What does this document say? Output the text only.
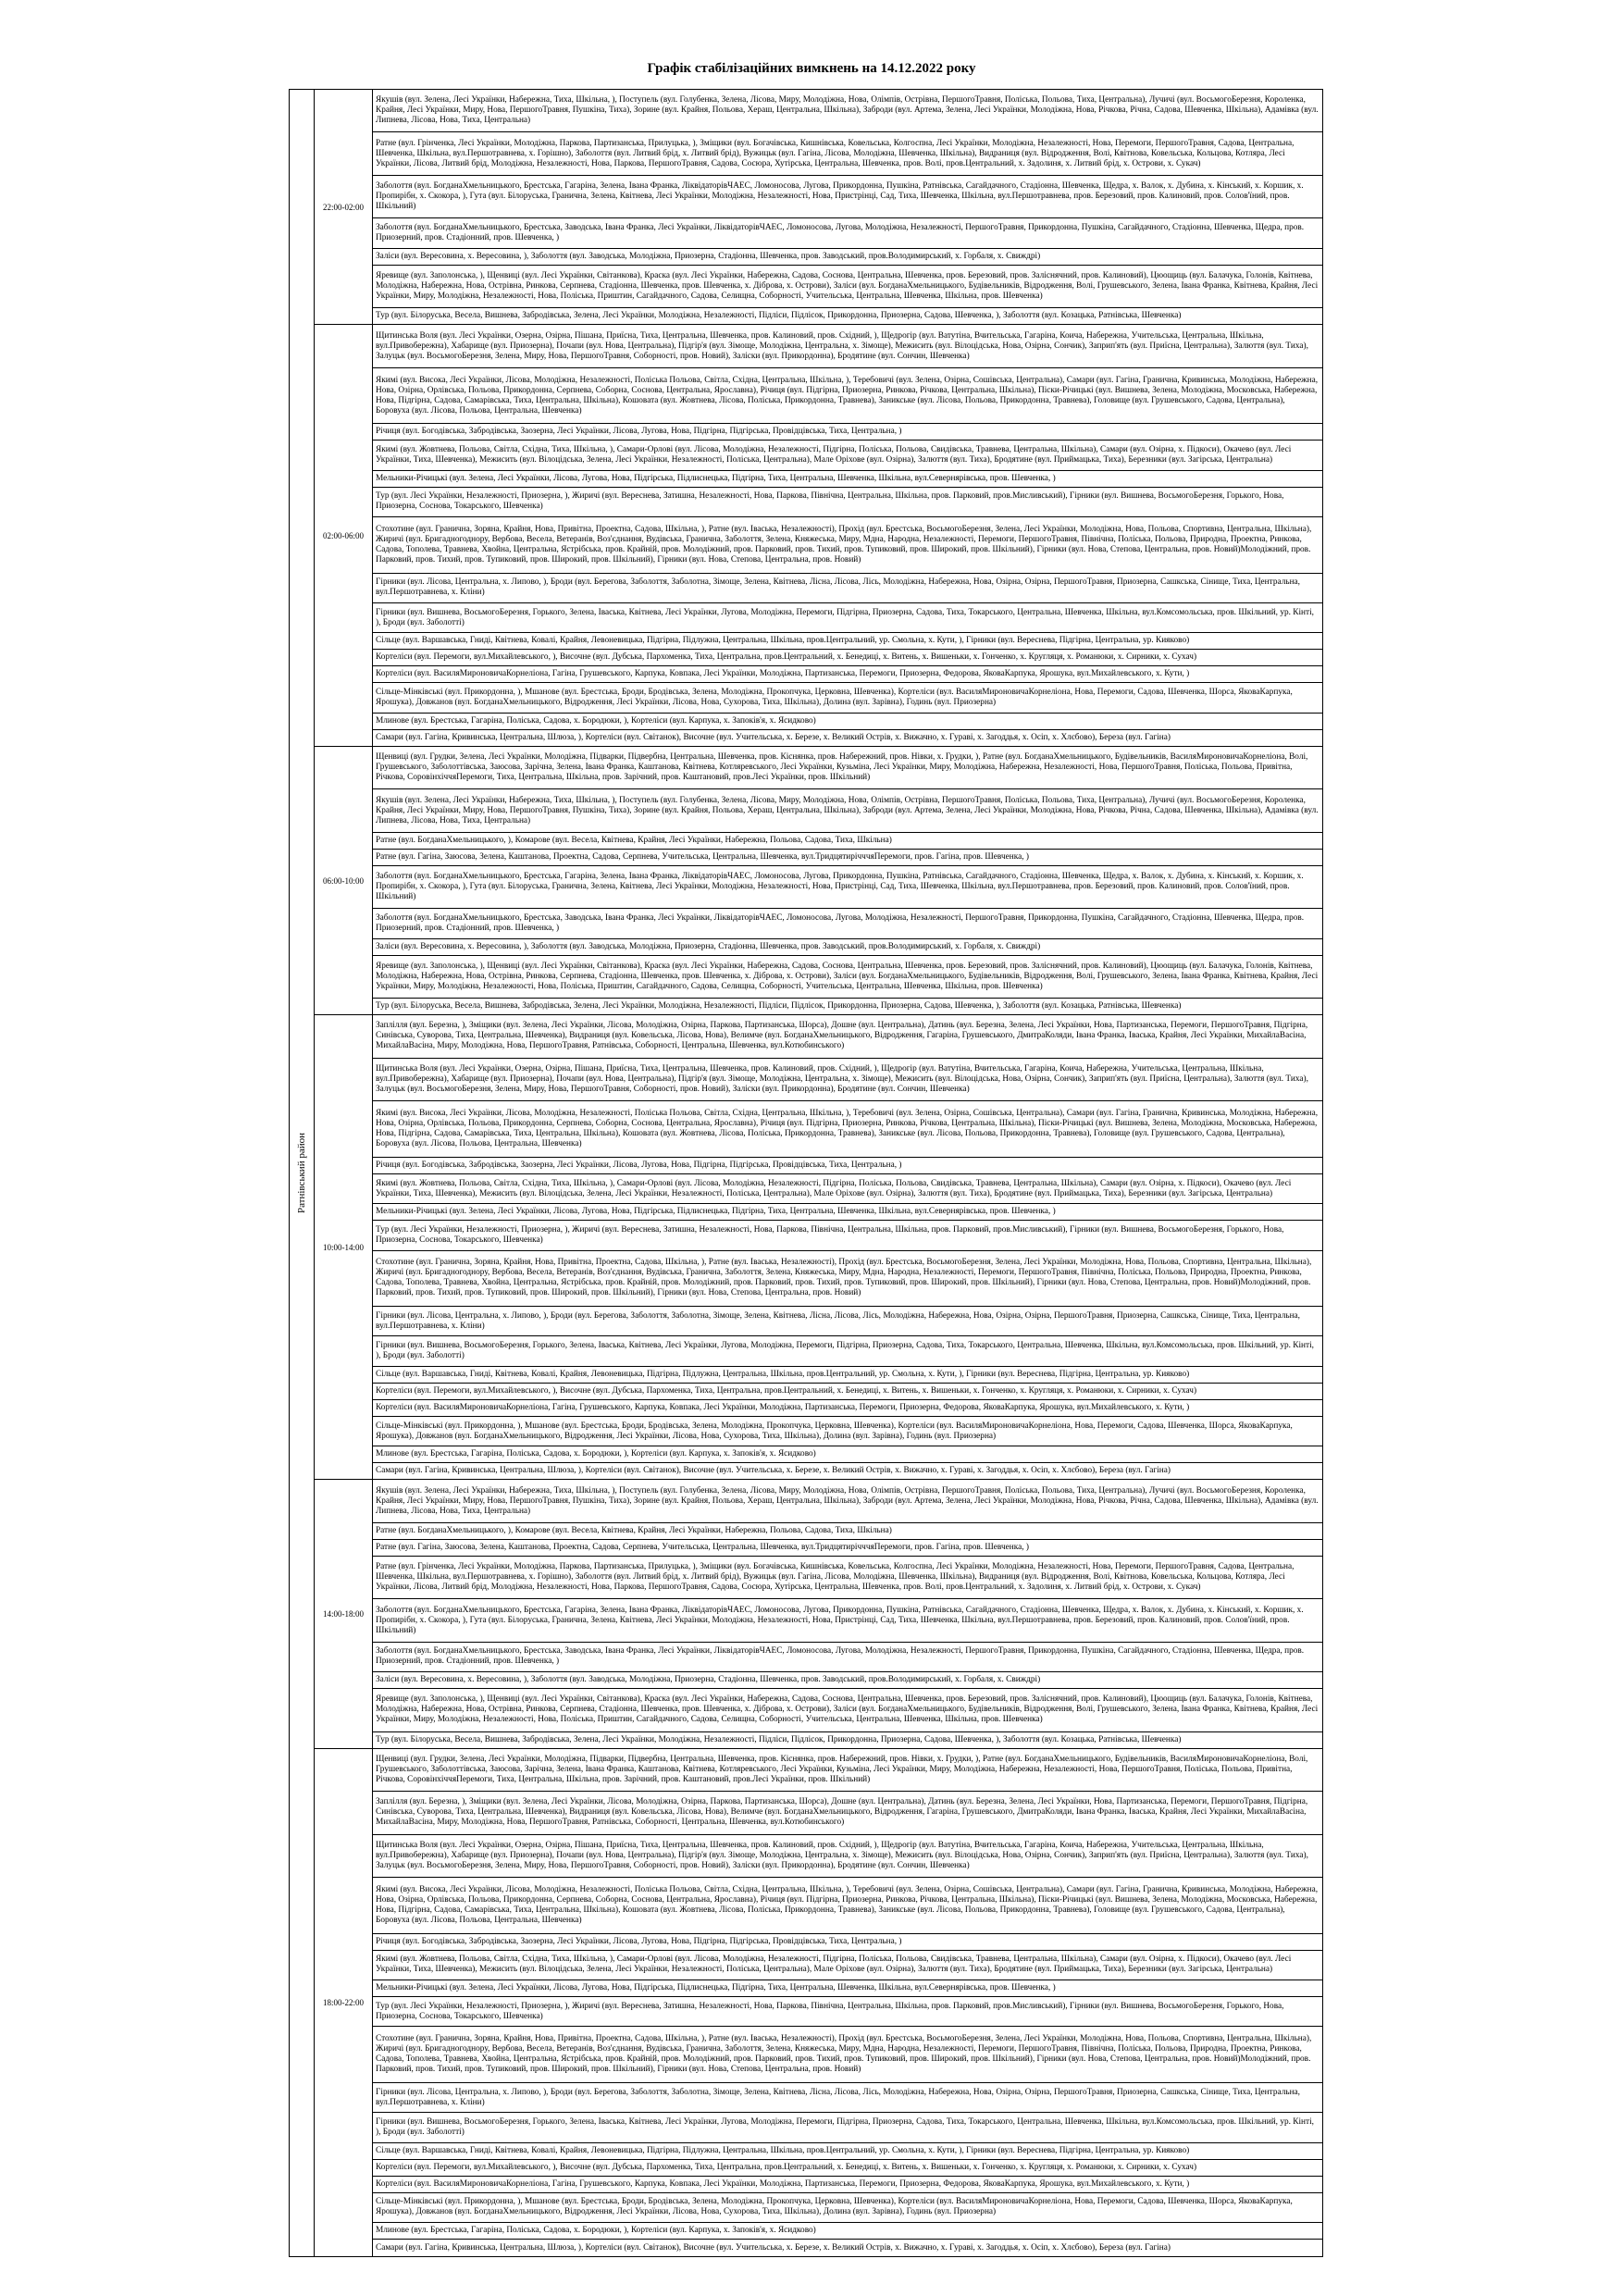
Графік стабілізаційних вимкнень на 14.12.2022 року
Ратнівський район	22:00-02:00	Якушів (вул. Зелена, Лесі Українки, Набережна, Тиха, Шкільна, ), Поступель (вул. Голубенка, Зелена, Лісова, Миру, Молодіжна, Нова, Олімпів, Острівна, ПершогоТравня, Поліська, Польова, Тиха, Центральна), Лучичі (вул. ВосьмогоБерезня, Короленка, Крайня, Лесі Українки, Миру, Нова, ПершогоТравня, Пушкіна, Тиха), Зорине (вул. Крайня, Польова, Хераш, Центральна, Шкільна), Заброди (вул. Артема, Зелена, Лесі Українки, Молодіжна, Нова, Річкова, Річна, Садова, Шевченка, Шкільна), Адамівка (вул. Липнева, Лісова, Нова, Тиха, Центральна)
		Ратне (вул. Грінченка, Лесі Українки, Молодіжна, Паркова, Партизанська, Прилуцька, ), Зміщики (вул. Богачівська, Кишнівська, Ковельська, Колгоспна, Лесі Українки, Молодіжна, Незалежності, Нова, Перемоги, ПершогоТравня, Садова, Центральна, Шевченка, Шкільна, вул.Першотравнева, х. Горішно), Заболоття (вул. Литвий брід, х. Литвий брід), Вужицьк (вул. Гагіна, Лісова, Молодіжна, Шевченка, Шкільна), Видраниця (вул. Відродження, Волі, Квітнова, Ковельська, Кольцова, Котляра, Лесі Українки, Лісова, Литвий брід, Молодіжна, Незалежності, Нова, Паркова, ПершогоТравня, Садова, Сосюра, Хутірська, Центральна, Шевченка, пров. Волі, пров.Центральний, х. Задолиня, х. Литвий брід, х. Острови, х. Сукач)
		Заболоття (вул. БогданаХмельницького, Брестська, Гагаріна, Зелена, Івана Франка, ЛіквідаторівЧАЕС, Ломоносова, Лугова, Прикордонна, Пушкіна, Ратнівська, Сагайдачного, Стадіонна, Шевченка, Щедра, х. Валок, х. Дубина, х. Кінський, х. Коршик, х. Пропирібн, х. Скокора, ), Гута (вул. Білоруська, Гранична, Зелена, Квітнева, Лесі Українки, Молодіжна, Незалежності, Нова, Пристрінці, Сад, Тиха, Шевченка, Шкільна, вул.Першотравнева, пров. Березовий, пров. Калиновий, пров. Солов'їний, пров. Шкільний)
		Заболоття (вул. БогданаХмельницького, Брестська, Заводська, Івана Франка, Лесі Українки, ЛіквідаторівЧАЕС, Ломоносова, Лугова, Молодіжна, Незалежності, ПершогоТравня, Прикордонна, Пушкіна, Сагайдачного, Стадіонна, Шевченка, Щедра, пров. Приозерний, пров. Стадіонний, пров. Шевченка, )
		Заліси (вул. Вересовина, х. Вересовина, ), Заболоття (вул. Заводська, Молодіжна, Приозерна, Стадіонна, Шевченка, пров. Заводський, пров.Володимирський, х. Горбаля, х. Свиждрі)
		Яревище (вул. Заполонська, ), Щенвиці (вул. Лесі Українки, Світанкова), Краска (вул. Лесі Українки, Набережна, Садова, Соснова, Центральна, Шевченка, пров. Березовий, пров. Заліснячний, пров. Калиновий), Цюощиць (вул. Балачука, Голонів, Квітнева, Молодіжна, Набережна, Нова, Острівна, Ринкова, Серпнева, Стадіонна, Шевченка, пров. Шевченка, х. Діброва, х. Острови), Заліси (вул. БогданаХмельницького, Будівельників, Відродження, Волі, Грушевського, Зелена, Івана Франка, Квітнева, Крайня, Лесі Українки, Миру, Молодіжна, Незалежності, Нова, Поліська, Приштин, Сагайдачного, Садова, Селищна, Соборності, Учительська, Центральна, Шевченка, Шкільна, пров. Шевченка)
		Тур (вул. Білоруська, Весела, Вишнева, Забродівська, Зелена, Лесі Українки, Молодіжна, Незалежності, Підліси, Підлісок, Прикордонна, Приозерна, Садова, Шевченка, ), Заболоття (вул. Козацька, Ратнівська, Шевченка)
	02:00-06:00	Щитинська Воля (вул. Лесі Українки, Озерна, Озірна, Пішана, Приїсна, Тиха, Центральна, Шевченка, пров. Калиновий, пров. Східний, ), Щедрогір (вул. Ватутіна, Вчительська, Гагаріна, Коича, Набережна, Учительська, Центральна, Шкільна, вул.Привобережна), Хабарище (вул. Приозерна), Почапи (вул. Нова, Центральна), Підгір'я (вул. Зімоще, Молодіжна, Центральна, х. Зімоще), Межисить (вул. Вілоцідська, Нова, Озірна, Сончик), Заприп'ять (вул. Приїсна, Центральна), Залюття (вул. Тиха), Залуцьк (вул. ВосьмогоБерезня, Зелена, Миру, Нова, ПершогоТравня, Соборності, пров. Новий), Заліски (вул. Прикордонна), Бродятине (вул. Сончин, Шевченка)
		Якимі (вул. Висока, Лесі Українки, Лісова, Молодіжна, Незалежності, Поліська Польова, Світла, Східна, Центральна, Шкільна, ), Теребовичі (вул. Зелена, Озірна, Сошівська, Центральна), Самари (вул. Гагіна, Гранична, Кривинська, Молодіжна, Набережна, Нова, Озірна, Орлівська, Польова, Прикордонна, Серпнева, Соборна, Соснова, Центральна, Ярославна), Річиця (вул. Підгірна, Приозерна, Ринкова, Річкова, Центральна, Шкільна), Піски-Річицькі (вул. Вишнева, Зелена, Молодіжна, Московська, Набережна, Нова, Підгірна, Садова, Самарівська, Тиха, Центральна, Шкільна), Кошовата (вул. Жовтнева, Лісова, Поліська, Прикордонна, Травнева), Заникське (вул. Лісова, Польова, Прикордонна, Травнева), Головище (вул. Грушевського, Садова, Центральна), Боровуха (вул. Лісова, Польова, Центральна, Шевченка)
		Річиця (вул. Богодівська, Забродівська, Заозерна, Лесі Українки, Лісова, Лугова, Нова, Підгірна, Підгірська, Провідцівська, Тиха, Центральна, )
		Якимі (вул. Жовтнева, Польова, Світла, Східна, Тиха, Шкільна, ), Самари-Орлові (вул. Лісова, Молодіжна, Незалежності, Підгірна, Поліська, Польова, Свидівська, Травнева, Центральна, Шкільна), Самари (вул. Озірна, х. Підкоси), Окачево (вул. Лесі Українки, Тиха, Шевченка), Межисить (вул. Вілоцідська, Зелена, Лесі Українки, Незалежності, Поліська, Центральна), Мале Оріхове (вул. Озірна), Залюття (вул. Тиха), Бродятине (вул. Приймацька, Тиха), Березники (вул. Загірська, Центральна)
		Мельники-Річицькі (вул. Зелена, Лесі Українки, Лісова, Лугова, Нова, Підгірська, Підлиснецька, Підгірна, Тиха, Центральна, Шевченка, Шкільна, вул.Севернярівська, пров. Шевченка, )
		Тур (вул. Лесі Українки, Незалежності, Приозерна, ), Жиричі (вул. Вереснева, Затишна, Незалежності, Нова, Паркова, Північна, Центральна, Шкільна, пров. Парковий, пров.Мисливський), Гірники (вул. Вишнева, ВосьмогоБерезня, Горького, Нова, Приозерна, Соснова, Токарського, Шевченка)
		Стохотине (вул. Гранична, Зоряна, Крайня, Нова, Привітна, Проектна, Садова, Шкільна, ), Ратне (вул. Іваська, Незалежності), Прохід (вул. Брестська, ВосьмогоБерезня, Зелена, Лесі Українки, Молодіжна, Нова, Польова, Спортивна, Центральна, Шкільна), Жиричі (вул. Бригадногоднору, Вербова, Весела, Ветеранів, Воз'єднання, Вудівська, Гранична, Заболоття, Зелена, Княжеська, Миру, Мдна, Народна, Незалежності, Перемоги, ПершогоТравня, Північна, Поліська, Польова, Природна, Проектна, Ринкова, Садова, Тополева, Травнева, Хвойна, Центральна, Ястрібська, пров. Крайній, пров. Молодіжний, пров. Парковий, пров. Тихий, пров. Тупиковий, пров. Широкий, пров. Шкільний), Гірники (вул. Нова, Степова, Центральна, пров. Новий)Молодіжний, пров. Парковий, пров. Тихий, пров. Тупиковий, пров. Широкий, пров. Шкільний), Гірники (вул. Нова, Степова, Центральна, пров. Новий)
		Гірники (вул. Лісова, Центральна, х. Липово, ), Броди (вул. Берегова, Заболоття, Заболотна, Зімоще, Зелена, Квітнева, Лісна, Лісова, Лісь, Молодіжна, Набережна, Нова, Озірна, Озірна, ПершогоТравня, Приозерна, Сашкська, Сінище, Тиха, Центральна, вул.Першотравнева, х. Кліни)
		Гірники (вул. Вишнева, ВосьмогоБерезня, Горького, Зелена, Іваська, Квітнева, Лесі Українки, Лугова, Молодіжна, Перемоги, Підгірна, Приозерна, Садова, Тиха, Токарського, Центральна, Шевченка, Шкільна, вул.Комсомольська, пров. Шкільний, ур. Кінті, ), Броди (вул. Заболотті)
		Сільце (вул. Варшавська, Гниді, Квітнева, Ковалі, Крайня, Левоневицька, Підгірна, Підлужна, Центральна, Шкільна, пров.Центральний, ур. Смольна, х. Кути, ), Гірники (вул. Вереснева, Підгірна, Центральна, ур. Кияково)
		Кортеліси (вул. Перемоги, вул.Михайлевського, ), Височне (вул. Дубська, Пархоменка, Тиха, Центральна, пров.Центральний, х. Бенедиці, х. Витень, х. Вишеньки, х. Гонченко, х. Кругляця, х. Романюки, х. Сирники, х. Сухач)
		Кортеліси (вул. ВасиляМироновичаКорнеліона, Гагіна, Грушевського, Карпука, Ковпака, Лесі Українки, Молодіжна, Партизанська, Перемоги, Приозерна, Федорова, ЯковаКарпука, Ярошука, вул.Михайлевського, х. Кути, )
		Сільце-Мінківські (вул. Прикордонна, ), Мшанове (вул. Брестська, Броди, Бродівська, Зелена, Молодіжна, Прокопчука, Церковна, Шевченка), Кортеліси (вул. ВасиляМироновичаКорнеліона, Нова, Перемоги, Садова, Шевченка, Шорса, ЯковаКарпука, Ярошука), Довжанов (вул. БогданаХмельницького, Відродження, Лесі Українки, Лісова, Нова, Сухорова, Тиха, Шкільна), Долина (вул. Зарівна), Годинь (вул. Приозерна)
		Млинове (вул. Брестська, Гагаріна, Поліська, Садова, х. Бородюки, ), Кортеліси (вул. Карпука, х. Запоків'я, х. Ясидково)
		Самари (вул. Гагіна, Кривинська, Центральна, Шлюза, ), Кортеліси (вул. Світанок), Височне (вул. Учительська, х. Березе, х. Великий Острів, х. Вижачно, х. Гураві, х. Загоддья, х. Осіп, х. Хлєбово), Береза (вул. Гагіна)
	06:00-10:00	Щенвиці (вул. Грудки, Зелена, Лесі Українки, Молодіжна, Підварки, Підвербна, Центральна, Шевченка, пров. Кіснянка, пров. Набережний, пров. Нівки, х. Грудки, ), Ратне (вул. БогданаХмельницького, Будівельників, ВасиляМироновичаКорнеліона, Волі, Грушевського, Заболоттівська, Заюсова, Зарічна, Зелена, Івана Франка, Каштанова, Квітнева, Котляревського, Лесі Українки, Кузьміна, Лесі Українки, Миру, Молодіжна, Набережна, Незалежності, Нова, ПершогоТравня, Поліська, Польова, Привітна, Річкова, СоровінхіччяПеремоги, Тиха, Центральна, Шкільна, пров. Зарічний, пров. Каштановий, пров.Лесі Українки, пров. Шкільний)
		Якушів (вул. Зелена, Лесі Українки, Набережна, Тиха, Шкільна, ), Поступель (вул. Голубенка, Зелена, Лісова, Миру, Молодіжна, Нова, Олімпів, Острівна, ПершогоТравня, Поліська, Польова, Тиха, Центральна), Лучичі (вул. ВосьмогоБерезня, Короленка, Крайня, Лесі Українки, Миру, Нова, ПершогоТравня, Пушкіна, Тиха), Зорине (вул. Крайня, Польова, Хераш, Центральна, Шкільна), Заброди (вул. Артема, Зелена, Лесі Українки, Молодіжна, Нова, Річкова, Річна, Садова, Шевченка, Шкільна), Адамівка (вул. Липнева, Лісова, Нова, Тиха, Центральна)
		Ратне (вул. БогданаХмельницького, ), Комарове (вул. Весела, Квітнева, Крайня, Лесі Українки, Набережна, Польова, Садова, Тиха, Шкільна)
		Ратне (вул. Гагіна, Заюсова, Зелена, Каштанова, Проектна, Садова, Серпнева, Учительська, Центральна, Шевченка, вул.ТридцятирічччяПеремоги, пров. Гагіна, пров. Шевченка, )
		Заболоття (вул. БогданаХмельницького, Брестська, Гагаріна, Зелена, Івана Франка, ЛіквідаторівЧАЕС, Ломоносова, Лугова, Прикордонна, Пушкіна, Ратнівська, Сагайдачного, Стадіонна, Шевченка, Щедра, х. Валок, х. Дубина, х. Кінський, х. Коршик, х. Пропирібн, х. Скокора, ), Гута (вул. Білоруська, Гранична, Зелена, Квітнева, Лесі Українки, Молодіжна, Незалежності, Нова, Пристрінці, Сад, Тиха, Шевченка, Шкільна, вул.Першотравнева, пров. Березовий, пров. Калиновий, пров. Солов'їний, пров. Шкільний)
		Заболоття (вул. БогданаХмельницького, Брестська, Заводська, Івана Франка, Лесі Українки, ЛіквідаторівЧАЕС, Ломоносова, Лугова, Молодіжна, Незалежності, ПершогоТравня, Прикордонна, Пушкіна, Сагайдачного, Стадіонна, Шевченка, Щедра, пров. Приозерний, пров. Стадіонний, пров. Шевченка, )
		Заліси (вул. Вересовина, х. Вересовина, ), Заболоття (вул. Заводська, Молодіжна, Приозерна, Стадіонна, Шевченка, пров. Заводський, пров.Володимирський, х. Горбаля, х. Свиждрі)
		Яревище (вул. Заполонська, ), Щенвиці (вул. Лесі Українки, Світанкова), Краска (вул. Лесі Українки, Набережна, Садова, Соснова, Центральна, Шевченка, пров. Березовий, пров. Заліснячний, пров. Калиновий), Цюощиць (вул. Балачука, Голонів, Квітнева, Молодіжна, Набережна, Нова, Острівна, Ринкова, Серпнева, Стадіонна, Шевченка, пров. Шевченка, х. Діброва, х. Острови), Заліси (вул. БогданаХмельницького, Будівельників, Відродження, Волі, Грушевського, Зелена, Івана Франка, Квітнева, Крайня, Лесі Українки, Миру, Молодіжна, Незалежності, Нова, Поліська, Приштин, Сагайдачного, Садова, Селищна, Соборності, Учительська, Центральна, Шевченка, Шкільна, пров. Шевченка)
		Тур (вул. Білоруська, Весела, Вишнева, Забродівська, Зелена, Лесі Українки, Молодіжна, Незалежності, Підліси, Підлісок, Прикордонна, Приозерна, Садова, Шевченка, ), Заболоття (вул. Козацька, Ратнівська, Шевченка)
	10:00-14:00	Заплілля (вул. Березна, ), Зміщики (вул. Зелена, Лесі Українки, Лісова, Молодіжна, Озірна, Паркова, Партизанська, Шорса), Дошне (вул. Центральна), Датинь (вул. Березна, Зелена, Лесі Українки, Нова, Партизанська, Перемоги, ПершогоТравня, Підгірна, Синівська, Суворова, Тиха, Центральна, Шевченка), Видраниця (вул. Ковельська, Лісова, Нова), Велимче (вул. БогданаХмельницького, Відродження, Гагаріна, Грушевського, ДмитраКоляди, Івана Франка, Іваська, Крайня, Лесі Українки, МихайлаВасіна, МихайлаВасіна, Миру, Молодіжна, Нова, ПершогоТравня, Ратнівська, Соборності, Центральна, Шевченка, вул.Котюбинського)
		Щитинська Воля (вул. Лесі Українки, Озерна, Озірна, Пішана, Приїсна, Тиха, Центральна, Шевченка, пров. Калиновий, пров. Східний, ), Щедрогір (вул. Ватутіна, Вчительська, Гагаріна, Коича, Набережна, Учительська, Центральна, Шкільна, вул.Привобережна), Хабарище (вул. Приозерна), Почапи (вул. Нова, Центральна), Підгір'я (вул. Зімоще, Молодіжна, Центральна, х. Зімоще), Межисить (вул. Вілоцідська, Нова, Озірна, Сончик), Заприп'ять (вул. Приїсна, Центральна), Залюття (вул. Тиха), Залуцьк (вул. ВосьмогоБерезня, Зелена, Миру, Нова, ПершогоТравня, Соборності, пров. Новий), Заліски (вул. Прикордонна), Бродятине (вул. Сончин, Шевченка)
		Якимі (вул. Висока, Лесі Українки, Лісова, Молодіжна, Незалежності, Поліська Польова, Світла, Східна, Центральна, Шкільна, ), Теребовичі (вул. Зелена, Озірна, Сошівська, Центральна), Самари (вул. Гагіна, Гранична, Кривинська, Молодіжна, Набережна, Нова, Озірна, Орлівська, Польова, Прикордонна, Серпнева, Соборна, Соснова, Центральна, Ярославна), Річиця (вул. Підгірна, Приозерна, Ринкова, Річкова, Центральна, Шкільна), Піски-Річицькі (вул. Вишнева, Зелена, Молодіжна, Московська, Набережна, Нова, Підгірна, Садова, Самарівська, Тиха, Центральна, Шкільна), Кошовата (вул. Жовтнева, Лісова, Поліська, Прикордонна, Травнева), Заникське (вул. Лісова, Польова, Прикордонна, Травнева), Головище (вул. Грушевського, Садова, Центральна), Боровуха (вул. Лісова, Польова, Центральна, Шевченка)
		Річиця (вул. Богодівська, Забродівська, Заозерна, Лесі Українки, Лісова, Лугова, Нова, Підгірна, Підгірська, Провідцівська, Тиха, Центральна, )
		Якимі (вул. Жовтнева, Польова, Світла, Східна, Тиха, Шкільна, ), Самари-Орлові (вул. Лісова, Молодіжна, Незалежності, Підгірна, Поліська, Польова, Свидівська, Травнева, Центральна, Шкільна), Самари (вул. Озірна, х. Підкоси), Окачево (вул. Лесі Українки, Тиха, Шевченка), Межисить (вул. Вілоцідська, Зелена, Лесі Українки, Незалежності, Поліська, Центральна), Мале Оріхове (вул. Озірна), Залюття (вул. Тиха), Бродятине (вул. Приймацька, Тиха), Березники (вул. Загірська, Центральна)
		Мельники-Річицькі (вул. Зелена, Лесі Українки, Лісова, Лугова, Нова, Підгірська, Підлиснецька, Підгірна, Тиха, Центральна, Шевченка, Шкільна, вул.Севернярівська, пров. Шевченка, )
		Тур (вул. Лесі Українки, Незалежності, Приозерна, ), Жиричі (вул. Вереснева, Затишна, Незалежності, Нова, Паркова, Північна, Центральна, Шкільна, пров. Парковий, пров.Мисливський), Гірники (вул. Вишнева, ВосьмогоБерезня, Горького, Нова, Приозерна, Соснова, Токарського, Шевченка)
		Стохотине (вул. Гранична, Зоряна, Крайня, Нова, Привітна, Проектна, Садова, Шкільна, ), Ратне (вул. Іваська, Незалежності), Прохід (вул. Брестська, ВосьмогоБерезня, Зелена, Лесі Українки, Молодіжна, Нова, Польова, Спортивна, Центральна, Шкільна), Жиричі (вул. Бригадногоднору, Вербова, Весела, Ветеранів, Воз'єднання, Вудівська, Гранична, Заболоття, Зелена, Княжеська, Миру, Мдна, Народна, Незалежності, Перемоги, ПершогоТравня, Північна, Поліська, Польова, Природна, Проектна, Ринкова, Садова, Тополева, Травнева, Хвойна, Центральна, Ястрібська, пров. Крайній, пров. Молодіжний, пров. Парковий, пров. Тихий, пров. Тупиковий, пров. Широкий, пров. Шкільний), Гірники (вул. Нова, Степова, Центральна, пров. Новий)Молодіжний, пров. Парковий, пров. Тихий, пров. Тупиковий, пров. Широкий, пров. Шкільний), Гірники (вул. Нова, Степова, Центральна, пров. Новий)
		Гірники (вул. Лісова, Центральна, х. Липово, ), Броди (вул. Берегова, Заболоття, Заболотна, Зімоще, Зелена, Квітнева, Лісна, Лісова, Лісь, Молодіжна, Набережна, Нова, Озірна, Озірна, ПершогоТравня, Приозерна, Сашкська, Сінище, Тиха, Центральна, вул.Першотравнева, х. Кліни)
		Гірники (вул. Вишнева, ВосьмогоБерезня, Горького, Зелена, Іваська, Квітнева, Лесі Українки, Лугова, Молодіжна, Перемоги, Підгірна, Приозерна, Садова, Тиха, Токарського, Центральна, Шевченка, Шкільна, вул.Комсомольська, пров. Шкільний, ур. Кінті, ), Броди (вул. Заболотті)
		Сільце (вул. Варшавська, Гниді, Квітнева, Ковалі, Крайня, Левоневицька, Підгірна, Підлужна, Центральна, Шкільна, пров.Центральний, ур. Смольна, х. Кути, ), Гірники (вул. Вереснева, Підгірна, Центральна, ур. Кияково)
		Кортеліси (вул. Перемоги, вул.Михайлевського, ), Височне (вул. Дубська, Пархоменка, Тиха, Центральна, пров.Центральний, х. Бенедиці, х. Витень, х. Вишеньки, х. Гонченко, х. Кругляця, х. Романюки, х. Сирники, х. Сухач)
		Кортеліси (вул. ВасиляМироновичаКорнеліона, Гагіна, Грушевського, Карпука, Ковпака, Лесі Українки, Молодіжна, Партизанська, Перемоги, Приозерна, Федорова, ЯковаКарпука, Ярошука, вул.Михайлевського, х. Кути, )
		Сільце-Мінківські (вул. Прикордонна, ), Мшанове (вул. Брестська, Броди, Бродівська, Зелена, Молодіжна, Прокопчука, Церковна, Шевченка), Кортеліси (вул. ВасиляМироновичаКорнеліона, Нова, Перемоги, Садова, Шевченка, Шорса, ЯковаКарпука, Ярошука), Довжанов (вул. БогданаХмельницького, Відродження, Лесі Українки, Лісова, Нова, Сухорова, Тиха, Шкільна), Долина (вул. Зарівна), Годинь (вул. Приозерна)
		Млинове (вул. Брестська, Гагаріна, Поліська, Садова, х. Бородюки, ), Кортеліси (вул. Карпука, х. Запоків'я, х. Ясидково)
		Самари (вул. Гагіна, Кривинська, Центральна, Шлюза, ), Кортеліси (вул. Світанок), Височне (вул. Учительська, х. Березе, х. Великий Острів, х. Вижачно, х. Гураві, х. Загоддья, х. Осіп, х. Хлєбово), Береза (вул. Гагіна)
	14:00-18:00	Якушів (вул. Зелена, Лесі Українки, Набережна, Тиха, Шкільна, ), Поступель (вул. Голубенка, Зелена, Лісова, Миру, Молодіжна, Нова, Олімпів, Острівна, ПершогоТравня, Поліська, Польова, Тиха, Центральна), Лучичі (вул. ВосьмогоБерезня, Короленка, Крайня, Лесі Українки, Миру, Нова, ПершогоТравня, Пушкіна, Тиха), Зорине (вул. Крайня, Польова, Хераш, Центральна, Шкільна), Заброди (вул. Артема, Зелена, Лесі Українки, Молодіжна, Нова, Річкова, Річна, Садова, Шевченка, Шкільна), Адамівка (вул. Липнева, Лісова, Нова, Тиха, Центральна)
		Ратне (вул. БогданаХмельницького, ), Комарове (вул. Весела, Квітнева, Крайня, Лесі Українки, Набережна, Польова, Садова, Тиха, Шкільна)
		Ратне (вул. Гагіна, Заюсова, Зелена, Каштанова, Проектна, Садова, Серпнева, Учительська, Центральна, Шевченка, вул.ТридцятирічччяПеремоги, пров. Гагіна, пров. Шевченка, )
		Ратне (вул. Грінченка, Лесі Українки, Молодіжна, Паркова, Партизанська, Прилуцька, ), Зміщики (вул. Богачівська, Кишнівська, Ковельська, Колгоспна, Лесі Українки, Молодіжна, Незалежності, Нова, Перемоги, ПершогоТравня, Садова, Центральна, Шевченка, Шкільна, вул.Першотравнева, х. Горішно), Заболоття (вул. Литвий брід, х. Литвий брід), Вужицьк (вул. Гагіна, Лісова, Молодіжна, Шевченка, Шкільна), Видраниця (вул. Відродження, Волі, Квітнова, Ковельська, Кольцова, Котляра, Лесі Українки, Лісова, Литвий брід, Молодіжна, Незалежності, Нова, Паркова, ПершогоТравня, Садова, Сосюра, Хутірська, Центральна, Шевченка, пров. Волі, пров.Центральний, х. Задолиня, х. Литвий брід, х. Острови, х. Сукач)
		Заболоття (вул. БогданаХмельницького, Брестська, Гагаріна, Зелена, Івана Франка, ЛіквідаторівЧАЕС, Ломоносова, Лугова, Прикордонна, Пушкіна, Ратнівська, Сагайдачного, Стадіонна, Шевченка, Щедра, х. Валок, х. Дубина, х. Кінський, х. Коршик, х. Пропирібн, х. Скокора, ), Гута (вул. Білоруська, Гранична, Зелена, Квітнева, Лесі Українки, Молодіжна, Незалежності, Нова, Пристрінці, Сад, Тиха, Шевченка, Шкільна, вул.Першотравнева, пров. Березовий, пров. Калиновий, пров. Солов'їний, пров. Шкільний)
		Заболоття (вул. БогданаХмельницького, Брестська, Заводська, Івана Франка, Лесі Українки, ЛіквідаторівЧАЕС, Ломоносова, Лугова, Молодіжна, Незалежності, ПершогоТравня, Прикордонна, Пушкіна, Сагайдачного, Стадіонна, Шевченка, Щедра, пров. Приозерний, пров. Стадіонний, пров. Шевченка, )
		Заліси (вул. Вересовина, х. Вересовина, ), Заболоття (вул. Заводська, Молодіжна, Приозерна, Стадіонна, Шевченка, пров. Заводський, пров.Володимирський, х. Горбаля, х. Свиждрі)
		Яревище (вул. Заполонська, ), Щенвиці (вул. Лесі Українки, Світанкова), Краска (вул. Лесі Українки, Набережна, Садова, Соснова, Центральна, Шевченка, пров. Березовий, пров. Заліснячний, пров. Калиновий), Цюощиць (вул. Балачука, Голонів, Квітнева, Молодіжна, Набережна, Нова, Острівна, Ринкова, Серпнева, Стадіонна, Шевченка, пров. Шевченка, х. Діброва, х. Острови), Заліси (вул. БогданаХмельницького, Будівельників, Відродження, Волі, Грушевського, Зелена, Івана Франка, Квітнева, Крайня, Лесі Українки, Миру, Молодіжна, Незалежності, Нова, Поліська, Приштин, Сагайдачного, Садова, Селищна, Соборності, Учительська, Центральна, Шевченка, Шкільна, пров. Шевченка)
		Тур (вул. Білоруська, Весела, Вишнева, Забродівська, Зелена, Лесі Українки, Молодіжна, Незалежності, Підліси, Підлісок, Прикордонна, Приозерна, Садова, Шевченка, ), Заболоття (вул. Козацька, Ратнівська, Шевченка)
	18:00-22:00	Щенвиці (вул. Грудки, Зелена, Лесі Українки, Молодіжна, Підварки, Підвербна, Центральна, Шевченка, пров. Кіснянка, пров. Набережний, пров. Нівки, х. Грудки, ), Ратне (вул. БогданаХмельницького, Будівельників, ВасиляМироновичаКорнеліона, Волі, Грушевського, Заболоттівська, Заюсова, Зарічна, Зелена, Івана Франка, Каштанова, Квітнева, Котляревського, Лесі Українки, Кузьміна, Лесі Українки, Миру, Молодіжна, Набережна, Незалежності, Нова, ПершогоТравня, Поліська, Польова, Привітна, Річкова, СоровінхіччяПеремоги, Тиха, Центральна, Шкільна, пров. Зарічний, пров. Каштановий, пров.Лесі Українки, пров. Шкільний)
		Заплілля (вул. Березна, ), Зміщики (вул. Зелена, Лесі Українки, Лісова, Молодіжна, Озірна, Паркова, Партизанська, Шорса), Дошне (вул. Центральна), Датинь (вул. Березна, Зелена, Лесі Українки, Нова, Партизанська, Перемоги, ПершогоТравня, Підгірна, Синівська, Суворова, Тиха, Центральна, Шевченка), Видраниця (вул. Ковельська, Лісова, Нова), Велимче (вул. БогданаХмельницького, Відродження, Гагаріна, Грушевського, ДмитраКоляди, Івана Франка, Іваська, Крайня, Лесі Українки, МихайлаВасіна, МихайлаВасіна, Миру, Молодіжна, Нова, ПершогоТравня, Ратнівська, Соборності, Центральна, Шевченка, вул.Котюбинського)
		Щитинська Воля (вул. Лесі Українки, Озерна, Озірна, Пішана, Приїсна, Тиха, Центральна, Шевченка, пров. Калиновий, пров. Східний, ), Щедрогір (вул. Ватутіна, Вчительська, Гагаріна, Коича, Набережна, Учительська, Центральна, Шкільна, вул.Привобережна), Хабарище (вул. Приозерна), Почапи (вул. Нова, Центральна), Підгір'я (вул. Зімоще, Молодіжна, Центральна, х. Зімоще), Межисить (вул. Вілоцідська, Нова, Озірна, Сончик), Заприп'ять (вул. Приїсна, Центральна), Залюття (вул. Тиха), Залуцьк (вул. ВосьмогоБерезня, Зелена, Миру, Нова, ПершогоТравня, Соборності, пров. Новий), Заліски (вул. Прикордонна), Бродятине (вул. Сончин, Шевченка)
		Якимі (вул. Висока, Лесі Українки, Лісова, Молодіжна, Незалежності, Поліська Польова, Світла, Східна, Центральна, Шкільна, ), Теребовичі (вул. Зелена, Озірна, Сошівська, Центральна), Самари (вул. Гагіна, Гранична, Кривинська, Молодіжна, Набережна, Нова, Озірна, Орлівська, Польова, Прикордонна, Серпнева, Соборна, Соснова, Центральна, Ярославна), Річиця (вул. Підгірна, Приозерна, Ринкова, Річкова, Центральна, Шкільна), Піски-Річицькі (вул. Вишнева, Зелена, Молодіжна, Московська, Набережна, Нова, Підгірна, Садова, Самарівська, Тиха, Центральна, Шкільна), Кошовата (вул. Жовтнева, Лісова, Поліська, Прикордонна, Травнева), Заникське (вул. Лісова, Польова, Прикордонна, Травнева), Головище (вул. Грушевського, Садова, Центральна), Боровуха (вул. Лісова, Польова, Центральна, Шевченка)
		Річиця (вул. Богодівська, Забродівська, Заозерна, Лесі Українки, Лісова, Лугова, Нова, Підгірна, Підгірська, Провідцівська, Тиха, Центральна, )
		Якимі (вул. Жовтнева, Польова, Світла, Східна, Тиха, Шкільна, ), Самари-Орлові (вул. Лісова, Молодіжна, Незалежності, Підгірна, Поліська, Польова, Свидівська, Травнева, Центральна, Шкільна), Самари (вул. Озірна, х. Підкоси), Окачево (вул. Лесі Українки, Тиха, Шевченка), Межисить (вул. Вілоцідська, Зелена, Лесі Українки, Незалежності, Поліська, Центральна), Мале Оріхове (вул. Озірна), Залюття (вул. Тиха), Бродятине (вул. Приймацька, Тиха), Березники (вул. Загірська, Центральна)
		Мельники-Річицькі (вул. Зелена, Лесі Українки, Лісова, Лугова, Нова, Підгірська, Підлиснецька, Підгірна, Тиха, Центральна, Шевченка, Шкільна, вул.Севернярівська, пров. Шевченка, )
		Тур (вул. Лесі Українки, Незалежності, Приозерна, ), Жиричі (вул. Вереснева, Затишна, Незалежності, Нова, Паркова, Північна, Центральна, Шкільна, пров. Парковий, пров.Мисливський), Гірники (вул. Вишнева, ВосьмогоБерезня, Горького, Нова, Приозерна, Соснова, Токарського, Шевченка)
		Стохотине (вул. Гранична, Зоряна, Крайня, Нова, Привітна, Проектна, Садова, Шкільна, ), Ратне (вул. Іваська, Незалежності), Прохід (вул. Брестська, ВосьмогоБерезня, Зелена, Лесі Українки, Молодіжна, Нова, Польова, Спортивна, Центральна, Шкільна), Жиричі (вул. Бригадногоднору, Вербова, Весела, Ветеранів, Воз'єднання, Вудівська, Гранична, Заболоття, Зелена, Княжеська, Миру, Мдна, Народна, Незалежності, Перемоги, ПершогоТравня, Північна, Поліська, Польова, Природна, Проектна, Ринкова, Садова, Тополева, Травнева, Хвойна, Центральна, Ястрібська, пров. Крайній, пров. Молодіжний, пров. Парковий, пров. Тихий, пров. Тупиковий, пров. Широкий, пров. Шкільний), Гірники (вул. Нова, Степова, Центральна, пров. Новий)Молодіжний, пров. Парковий, пров. Тихий, пров. Тупиковий, пров. Широкий, пров. Шкільний), Гірники (вул. Нова, Степова, Центральна, пров. Новий)
		Гірники (вул. Лісова, Центральна, х. Липово, ), Броди (вул. Берегова, Заболоття, Заболотна, Зімоще, Зелена, Квітнева, Лісна, Лісова, Лісь, Молодіжна, Набережна, Нова, Озірна, Озірна, ПершогоТравня, Приозерна, Сашкська, Сінище, Тиха, Центральна, вул.Першотравнева, х. Кліни)
		Гірники (вул. Вишнева, ВосьмогоБерезня, Горького, Зелена, Іваська, Квітнева, Лесі Українки, Лугова, Молодіжна, Перемоги, Підгірна, Приозерна, Садова, Тиха, Токарського, Центральна, Шевченка, Шкільна, вул.Комсомольська, пров. Шкільний, ур. Кінті, ), Броди (вул. Заболотті)
		Сільце (вул. Варшавська, Гниді, Квітнева, Ковалі, Крайня, Левоневицька, Підгірна, Підлужна, Центральна, Шкільна, пров.Центральний, ур. Смольна, х. Кути, ), Гірники (вул. Вереснева, Підгірна, Центральна, ур. Кияково)
		Кортеліси (вул. Перемоги, вул.Михайлевського, ), Височне (вул. Дубська, Пархоменка, Тиха, Центральна, пров.Центральний, х. Бенедиці, х. Витень, х. Вишеньки, х. Гонченко, х. Кругляця, х. Романюки, х. Сирники, х. Сухач)
		Кортеліси (вул. ВасиляМироновичаКорнеліона, Гагіна, Грушевського, Карпука, Ковпака, Лесі Українки, Молодіжна, Партизанська, Перемоги, Приозерна, Федорова, ЯковаКарпука, Ярошука, вул.Михайлевського, х. Кути, )
		Сільце-Мінківські (вул. Прикордонна, ), Мшанове (вул. Брестська, Броди, Бродівська, Зелена, Молодіжна, Прокопчука, Церковна, Шевченка), Кортеліси (вул. ВасиляМироновичаКорнеліона, Нова, Перемоги, Садова, Шевченка, Шорса, ЯковаКарпука, Ярошука), Довжанов (вул. БогданаХмельницького, Відродження, Лесі Українки, Лісова, Нова, Сухорова, Тиха, Шкільна), Долина (вул. Зарівна), Годинь (вул. Приозерна)
		Млинове (вул. Брестська, Гагаріна, Поліська, Садова, х. Бородюки, ), Кортеліси (вул. Карпука, х. Запоків'я, х. Ясидково)
		Самари (вул. Гагіна, Кривинська, Центральна, Шлюза, ), Кортеліси (вул. Світанок), Височне (вул. Учительська, х. Березе, х. Великий Острів, х. Вижачно, х. Гураві, х. Загоддья, х. Осіп, х. Хлєбово), Береза (вул. Гагіна)
